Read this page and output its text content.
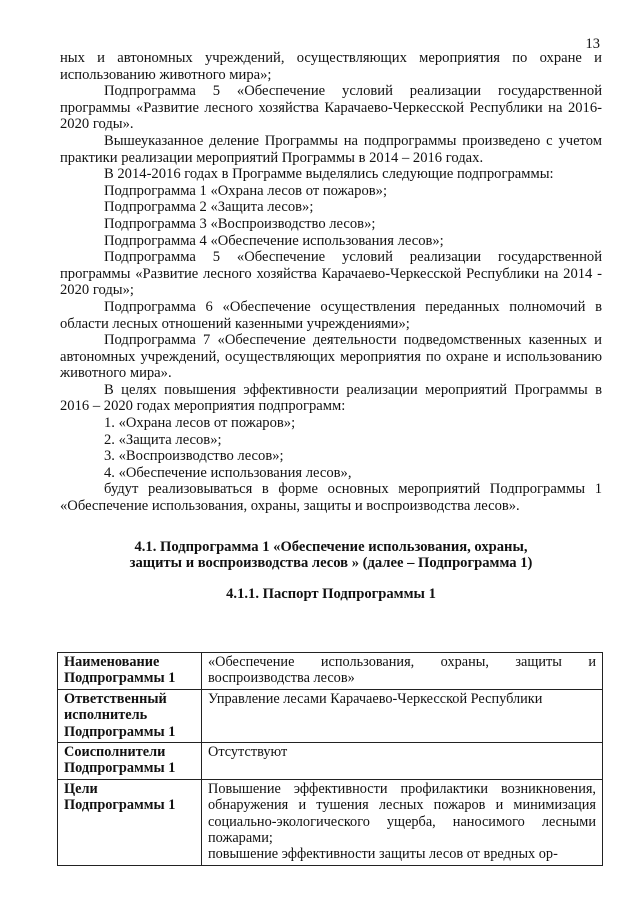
13

ных и автономных учреждений, осуществляющих мероприятия по охране и использованию животного мира»;

Подпрограмма 5 «Обеспечение условий реализации государственной программы «Развитие лесного хозяйства Карачаево-Черкесской Республики на 2016-2020 годы».

Вышеуказанное деление Программы на подпрограммы произведено с учетом практики реализации мероприятий Программы в 2014 – 2016 годах.

В 2014-2016 годах в Программе выделялись следующие подпрограммы:

Подпрограмма 1 «Охрана лесов от пожаров»;

Подпрограмма 2 «Защита лесов»;

Подпрограмма 3 «Воспроизводство лесов»;

Подпрограмма 4 «Обеспечение использования лесов»;

Подпрограмма 5 «Обеспечение условий реализации государственной программы «Развитие лесного хозяйства Карачаево-Черкесской Республики на 2014 - 2020 годы»;

Подпрограмма 6 «Обеспечение осуществления переданных полномочий в области лесных отношений казенными учреждениями»;

Подпрограмма 7 «Обеспечение деятельности подведомственных казенных и автономных учреждений, осуществляющих мероприятия по охране и использованию животного мира».

В целях повышения эффективности реализации мероприятий Программы в 2016 – 2020 годах мероприятия подпрограмм:

1. «Охрана лесов от пожаров»;

2. «Защита лесов»;

3. «Воспроизводство лесов»;

4. «Обеспечение использования лесов»,

будут реализовываться в форме основных мероприятий Подпрограммы 1 «Обеспечение использования, охраны, защиты и воспроизводства лесов».

4.1. Подпрограмма 1 «Обеспечение использования, охраны,
защиты и воспроизводства лесов » (далее – Подпрограмма 1)
4.1.1. Паспорт Подпрограммы 1
Наименование Подпрограммы 1	«Обеспечение использования, охраны, защиты и воспроизводства лесов»
Ответственный исполнитель Подпрограммы 1	Управление лесами Карачаево-Черкесской Республики
Соисполнители Подпрограммы 1	Отсутствуют
Цели Подпрограммы 1	Повышение эффективности профилактики возникновения, обнаружения и тушения лесных пожаров и минимизация социально-экологического ущерба, наносимого лесными пожарами;
повышение эффективности защиты лесов от вредных ор-
